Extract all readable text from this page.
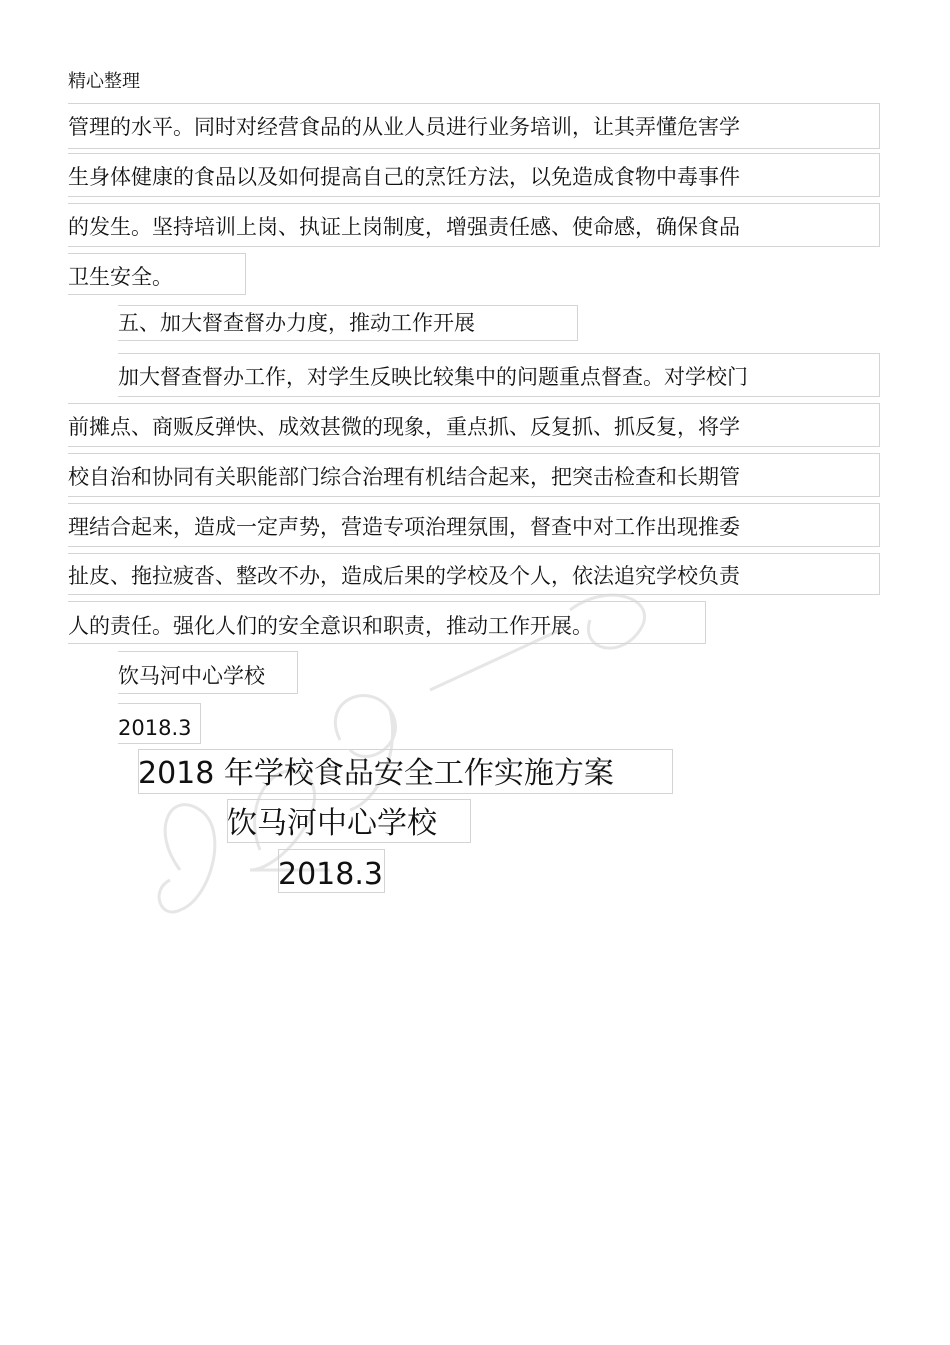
精心整理
管理的水平。同时对经营食品的从业人员进行业务培训，让其弄懂危害学
生身体健康的食品以及如何提高自己的烹饪方法，以免造成食物中毒事件
的发生。坚持培训上岗、执证上岗制度，增强责任感、使命感，确保食品
卫生安全。
五、加大督查督办力度，推动工作开展
加大督查督办工作，对学生反映比较集中的问题重点督查。对学校门
前摊点、商贩反弹快、成效甚微的现象，重点抓、反复抓、抓反复，将学
校自治和协同有关职能部门综合治理有机结合起来，把突击检查和长期管
理结合起来，造成一定声势，营造专项治理氛围，督查中对工作出现推委
扯皮、拖拉疲沓、整改不办，造成后果的学校及个人，依法追究学校负责
人的责任。强化人们的安全意识和职责，推动工作开展。
饮马河中心学校
2018.3
2018 年学校食品安全工作实施方案
饮马河中心学校
2018.3
